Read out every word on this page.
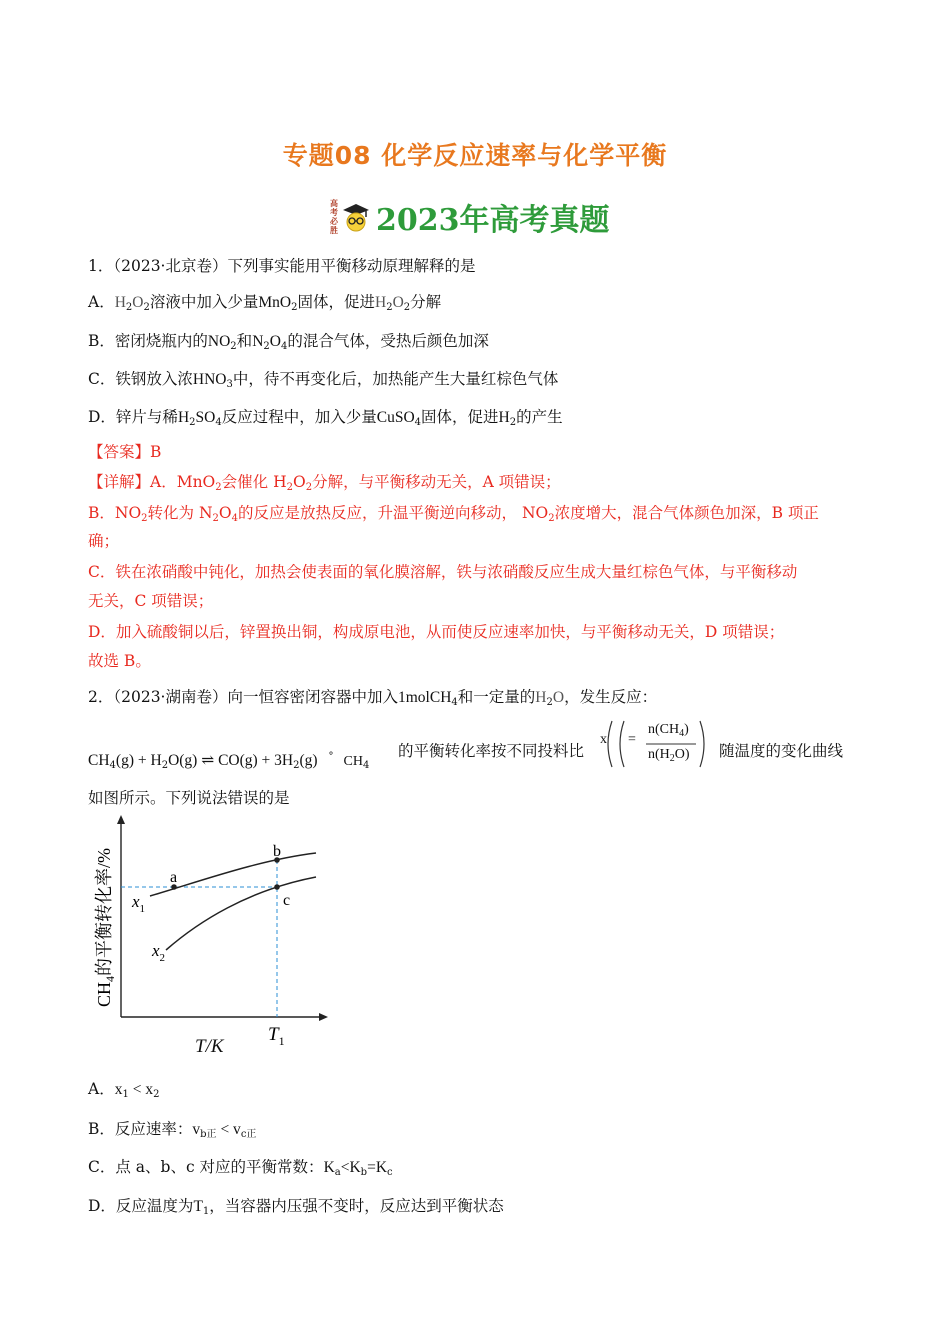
专题08 化学反应速率与化学平衡
高
考
必
胜 2023年高考真题
1．（2023·北京卷）下列事实能用平衡移动原理解释的是
A．$H_2O_2$溶液中加入少量MnO$_2$固体，促进$H_2O_2$分解
B．密闭烧瓶内的$NO_2$和$N_2O_4$的混合气体，受热后颜色加深
C．铁钢放入浓$HNO_3$中，待不再变化后，加热能产生大量红棕色气体
D．锌片与稀$H_2SO_4$反应过程中，加入少量CuSO$_4$固体，促进$H_2$的产生
【答案】B
【详解】A．MnO$_2$会催化 $H_2O_2$分解，与平衡移动无关，A 项错误；
B．$NO_2$转化为 $N_2O_4$的反应是放热反应，升温平衡逆向移动， $NO_2$浓度增大，混合气体颜色加深，B 项正
确；
C．铁在浓硝酸中钝化，加热会使表面的氧化膜溶解，铁与浓硝酸反应生成大量红棕色气体，与平衡移动
无关，C 项错误；
D．加入硫酸铜以后，锌置换出铜，构成原电池，从而使反应速率加快，与平衡移动无关，D 项错误；
故选 B。
2．（2023·湖南卷）向一恒容密闭容器中加入1molCH$_4$和一定量的$H_2O$，发生反应：
$CH_4(g) + H_2O(g)$ ⇌ $CO(g) + 3H_2(g)$ ° $CH_4$
的平衡转化率按不同投料比
x =
$n(CH_4)$
$n(H_2O)$ 随温度的变化曲线
如图所示。下列说法错误的是
a
b
c
$x_1$
$x_2$
$T_1$
$CH_4$的平衡转化率/%
T/K
A．$x_1 < x_2$
B．反应速率：$v_{b正} < v_{c正}$
C．点 a、b、c 对应的平衡常数：$K_a<K_b=K_c$
D．反应温度为$T_1$，当容器内压强不变时，反应达到平衡状态
